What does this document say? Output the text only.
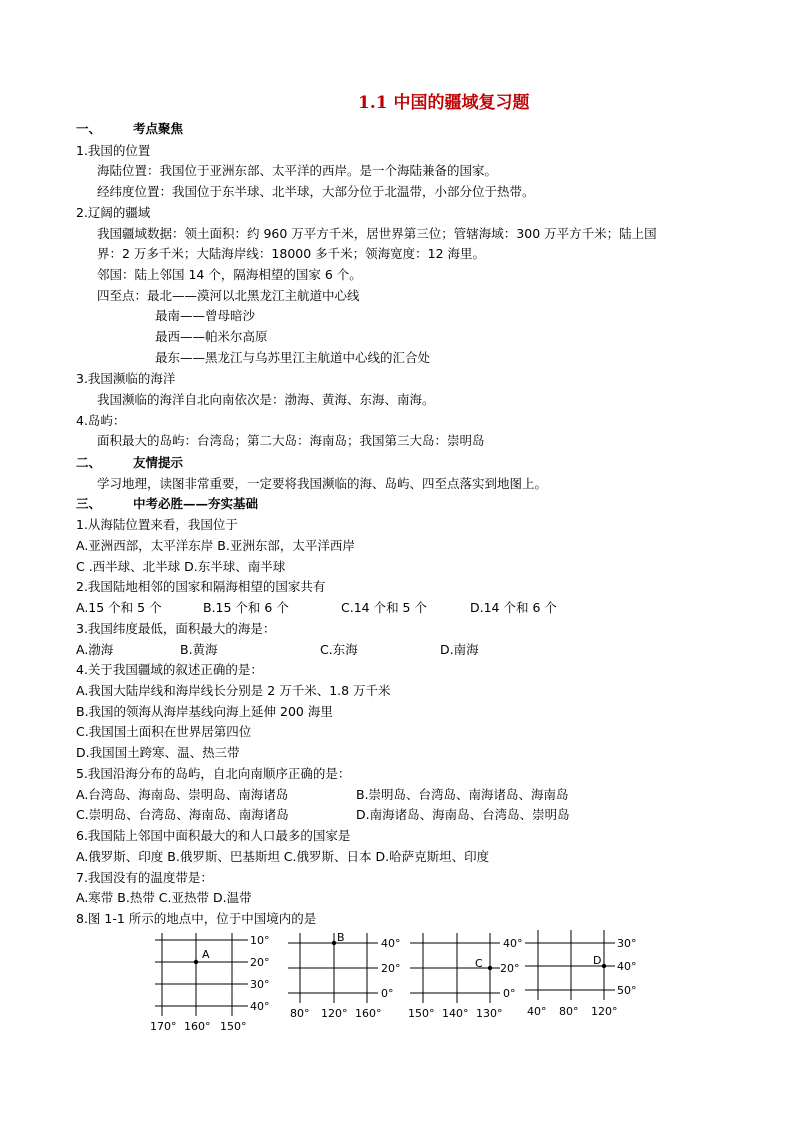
1.1 中国的疆域复习题
一、	考点聚焦
1.我国的位置
海陆位置：我国位于亚洲东部、太平洋的西岸。是一个海陆兼备的国家。
经纬度位置：我国位于东半球、北半球，大部分位于北温带，小部分位于热带。
2.辽阔的疆域
我国疆域数据：领土面积：约 960 万平方千米，居世界第三位；管辖海域：300 万平方千米；陆上国
界：2 万多千米；大陆海岸线：18000 多千米；领海宽度：12 海里。
邻国：陆上邻国 14 个，隔海相望的国家 6 个。
四至点：最北——漠河以北黑龙江主航道中心线
最南——曾母暗沙
最西——帕米尔高原
最东——黑龙江与乌苏里江主航道中心线的汇合处
3.我国濒临的海洋
我国濒临的海洋自北向南依次是：渤海、黄海、东海、南海。
4.岛屿：
面积最大的岛屿：台湾岛；第二大岛：海南岛；我国第三大岛：崇明岛
二、	友情提示
学习地理，读图非常重要，一定要将我国濒临的海、岛屿、四至点落实到地图上。
三、	中考必胜——夯实基础
1.从海陆位置来看，我国位于
A.亚洲西部，太平洋东岸 B.亚洲东部，太平洋西岸
C .西半球、北半球 D.东半球、南半球
2.我国陆地相邻的国家和隔海相望的国家共有
A.15 个和 5 个	B.15 个和 6 个	C.14 个和 5 个	D.14 个和 6 个
3.我国纬度最低，面积最大的海是：
A.渤海	B.黄海	C.东海	D.南海
4.关于我国疆域的叙述正确的是：
A.我国大陆岸线和海岸线长分别是 2 万千米、1.8 万千米
B.我国的领海从海岸基线向海上延伸 200 海里
C.我国国土面积在世界居第四位
D.我国国土跨寒、温、热三带
5.我国沿海分布的岛屿，自北向南顺序正确的是：
A.台湾岛、海南岛、崇明岛、南海诸岛	B.崇明岛、台湾岛、南海诸岛、海南岛
C.崇明岛、台湾岛、海南岛、南海诸岛	D.南海诸岛、海南岛、台湾岛、崇明岛
6.我国陆上邻国中面积最大的和人口最多的国家是
A.俄罗斯、印度 B.俄罗斯、巴基斯坦 C.俄罗斯、日本 D.哈萨克斯坦、印度
7.我国没有的温度带是：
A.寒带 B.热带 C.亚热带 D.温带
8.图 1-1 所示的地点中，位于中国境内的是
A
10°
20°
30°
40°
170° 160° 150°
B	40°
20°
0°
80° 120° 160°
C
40°
20°
0°
150° 140° 130°
D
30°
40°
50°
40° 80° 120°
